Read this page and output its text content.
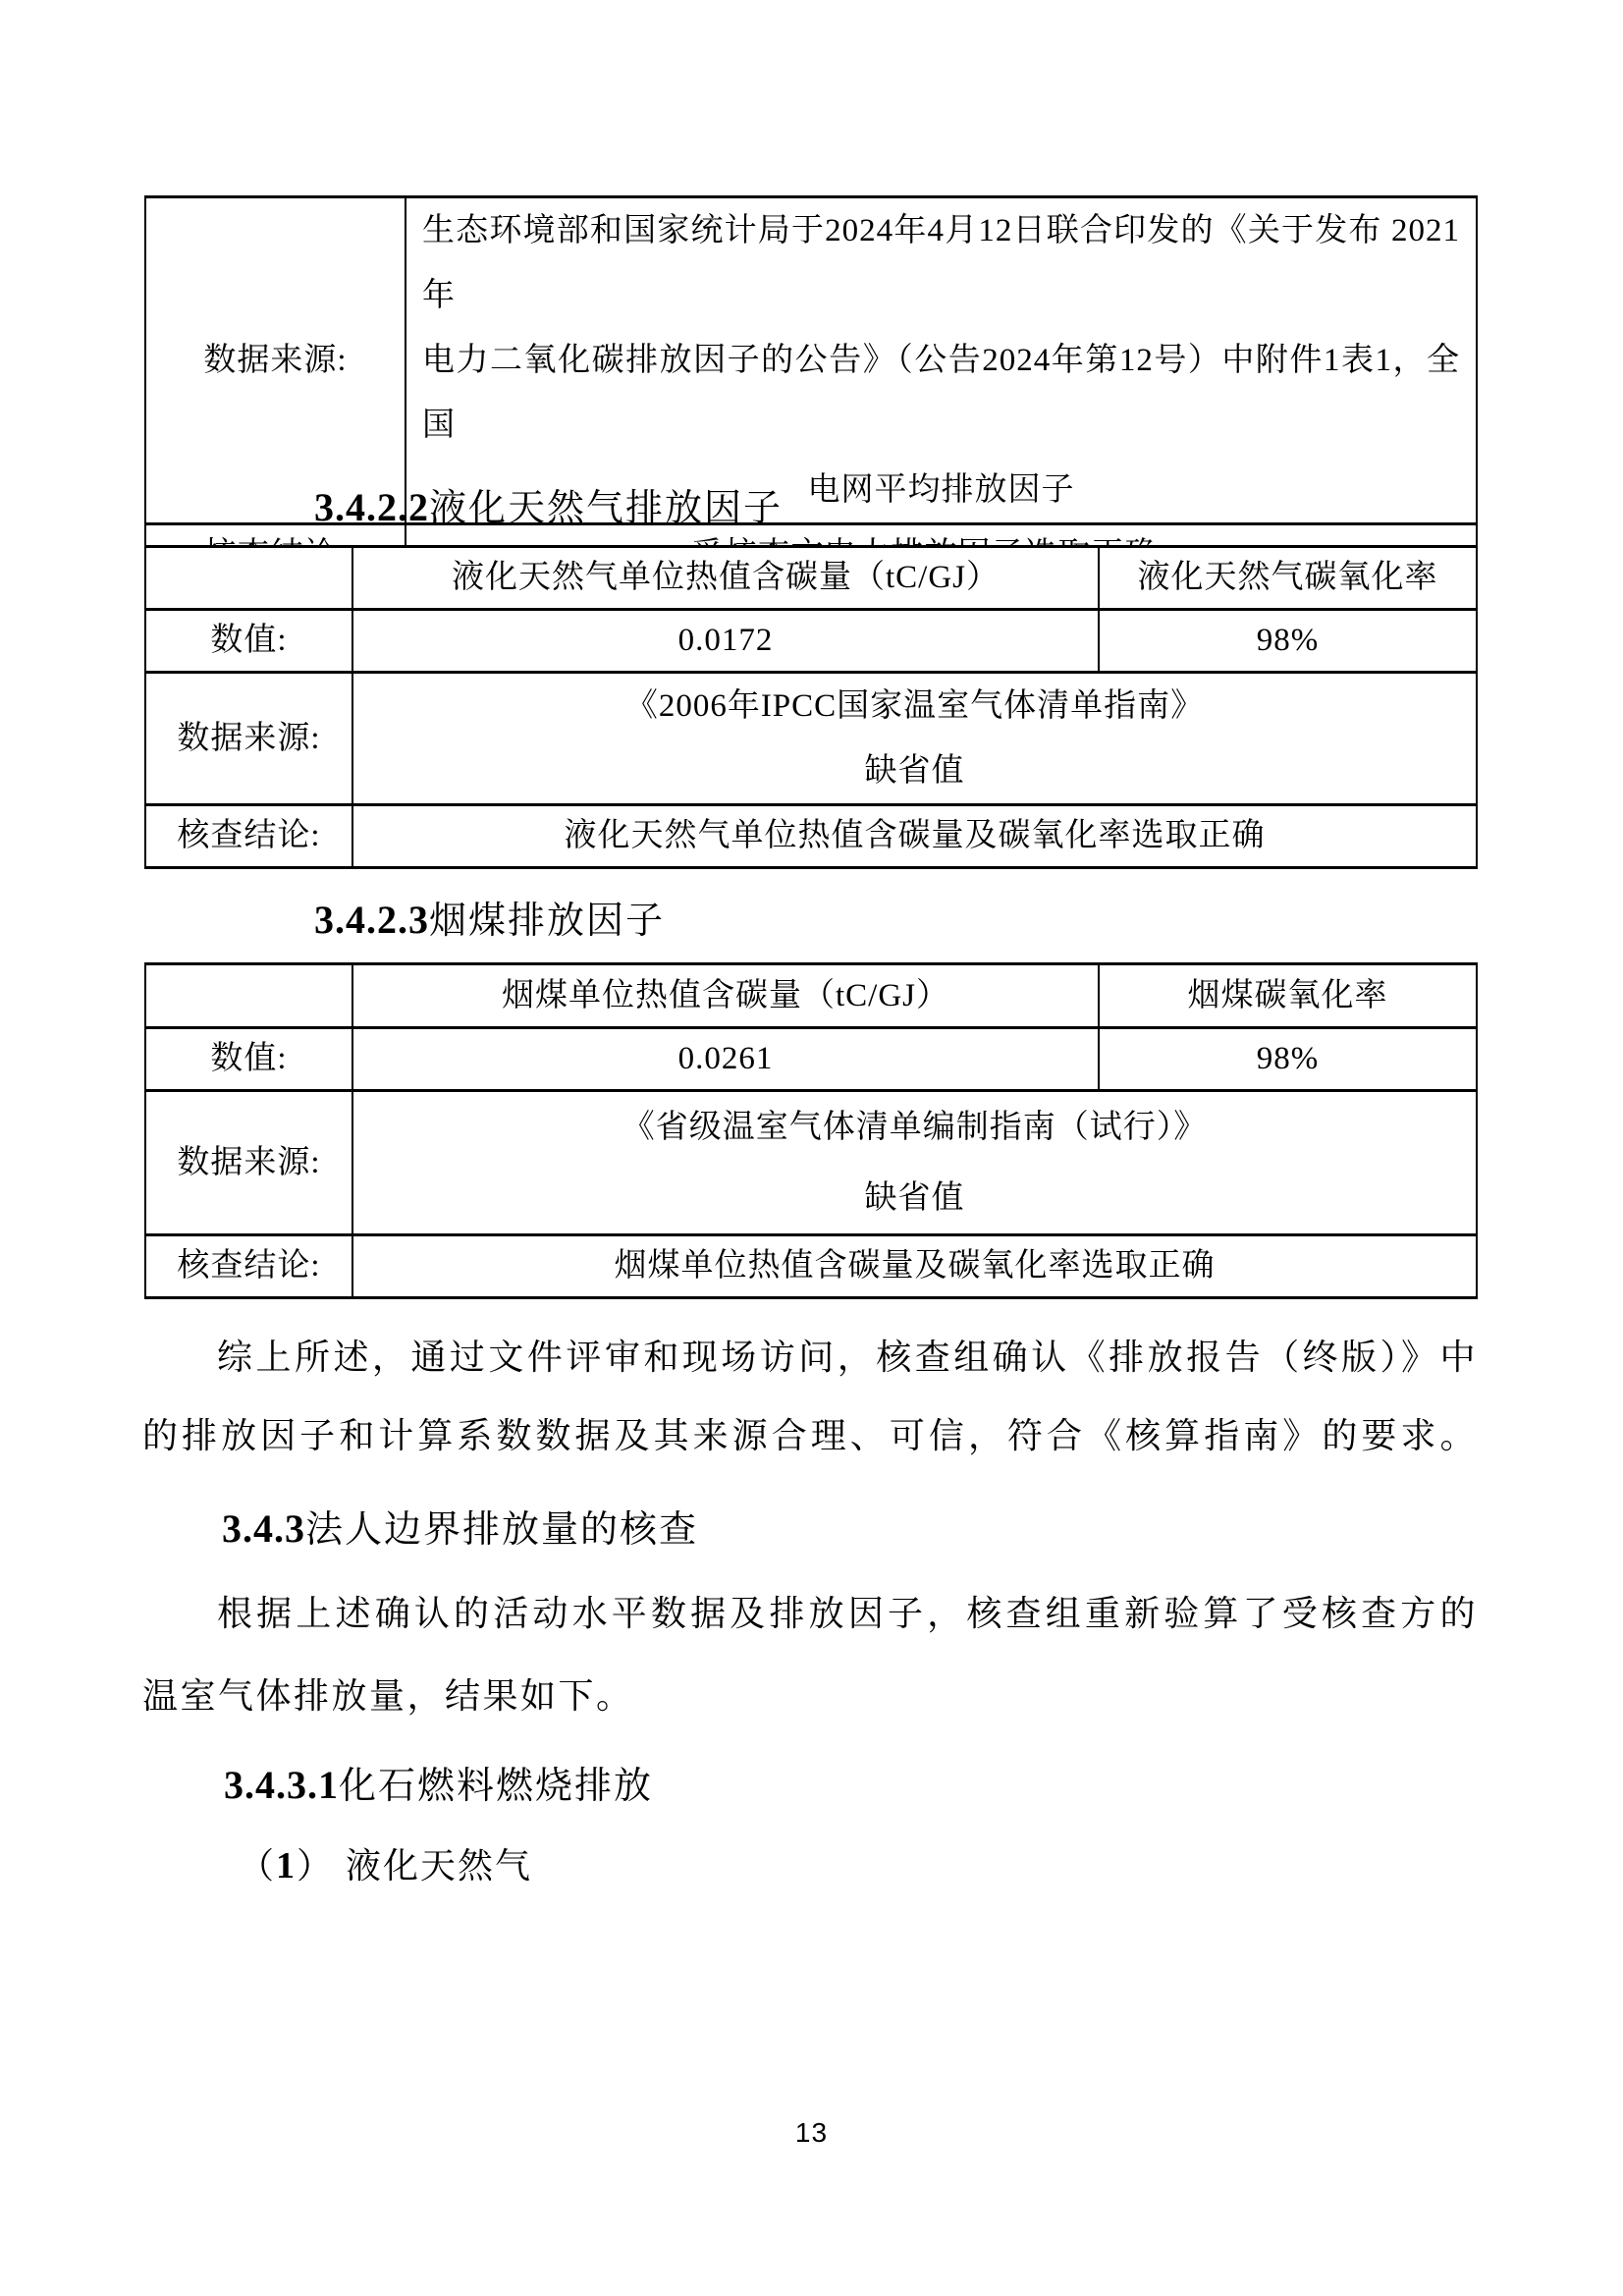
数据来源:	生态环境部和国家统计局于2024年4月12日联合印发的《关于发布 2021年
电力二氧化碳排放因子的公告》（公告2024年第12号）中附件1表1，全国
电网平均排放因子

3.4.2.2液化天然气排放因子
	液化天然气单位热值含碳量（tC/GJ）	液化天然气碳氧化率
数值:	0.0172	98%
数据来源:	《2006年IPCC国家温室气体清单指南》
缺省值	

核查结论:	液化天然气单位热值含碳量及碳氧化率选取正确	
3.4.2.3烟煤排放因子
	烟煤单位热值含碳量（tC/GJ）	烟煤碳氧化率
数值:	0.0261	98%
数据来源:	《省级温室气体清单编制指南（试行）》
缺省值	

核查结论:	烟煤单位热值含碳量及碳氧化率选取正确	
综上所述，通过文件评审和现场访问，核查组确认《排放报告（终版）》中
的排放因子和计算系数数据及其来源合理、可信，符合《核算指南》的要求。
3.4.3法人边界排放量的核查
根据上述确认的活动水平数据及排放因子，核查组重新验算了受核查方的
温室气体排放量，结果如下。
3.4.3.1化石燃料燃烧排放
（1） 液化天然气
13
